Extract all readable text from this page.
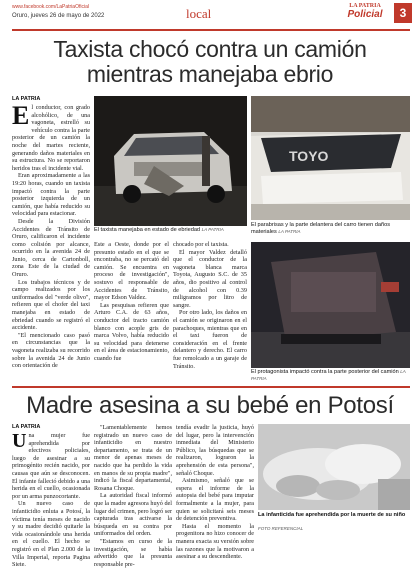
www.facebook.com/LaPatriaOficial
Oruro, jueves 26 de mayo de 2022	local	LA PATRIA
Policial	3
Taxista chocó contra un camión
mientras manejaba ebrio
LA PATRIA
E l conductor, con grado alcohólico, de una vagoneta, estrelló su vehículo contra la parte posterior de un camión la noche del martes reciente, generando daños materiales en su estructura. No se reportaron heridos tras el incidente vial.

Eran aproximadamente a las 19:20 horas, cuando un taxista impactó contra la parte posterior izquierda de un camión, que había reducido su velocidad para estacionar.

Desde la División Accidentes de Tránsito de Oruro, calificaron el incidente como colisión por alcance, ocurrido en la avenida 24 de Junio, cerca de Cartonboll, zona Este de la ciudad de Oruro.

Los trabajos técnicos y de campo realizados por los uniformados del "verde olivo", refieren que el chofer del taxi manejaba en estado de ebriedad cuando se registró el accidente.

"El mencionado caso pasó en circunstancias que la vagoneta realizaba su recorrido sobre la avenida 24 de Junio con orientación de

El taxista manejaba en estado de ebriedad LA PATRIA
TOYO
El parabrisas y la parte delantera del carro tienen daños materiales LA PATRIA
El protagonista impactó contra la parte posterior del camión LA PATRIA

Este a Oeste, donde por el presunto estado en el que se encontraba, no se percató del camión. Se encuentra en proceso de investigación", sostuvo el responsable de Accidentes de Tránsito, mayor Edson Valdez.

Las pesquisas refieren que Arturo C.A. de 63 años, conductor del tracto camión blanco con acople gris de marca Volvo, había reducido su velocidad para detenerse en el área de estacionamiento, cuando fue

chocado por el taxista.

El mayor Valdez detalló que el conductor de la vagoneta blanca marca Toyota, Augusto S.C. de 35 años, dio positivo al control de alcohol con 0.39 miligramos por litro de sangre.

Por otro lado, los daños en el camión se originaron en el parachoques, mientras que en el taxi fueron de consideración en el frente delantero y derecho. El carro fue remolcado a un garaje de Tránsito.

Madre asesina a su bebé en Potosí
LA PATRIA
U na mujer fue aprehendida por efectivos policiales, luego de asesinar a su primogénito recién nacido, por causas que aún se desconocen. El infante falleció debido a una herida en el cuello, ocasionada por un arma punzocortante.

Un nuevo caso de infanticidio enluta a Potosí, la víctima tenía meses de nacido y su madre decidió quitarle la vida ocasionándole una herida en el cuello. El hecho se registró en el Plan 2.000 de la Villa Imperial, reporta Pagina Siete.

"Lamentablemente hemos registrado un nuevo caso de infanticidio en nuestro departamento, se trata de un menor de apenas meses de nacido que ha perdido la vida en manos de su propia madre", indicó la fiscal departamental, Rosana Choque.

La autoridad fiscal informó que la madre agresora huyó del lugar del crimen, pero logró ser capturada tras activarse la búsqueda en su contra por uniformados del orden.

"Estamos en curso de la investigación, se había advertido que la presunta responsable pre-

tendía evadir la justicia, huyó del lugar, pero la intervención inmediata del Ministerio Público, las búsquedas que se realizaron, lograron la aprehensión de esta persona", señaló Choque.

Asimismo, señaló que se espera el informe de la autopsia del bebé para imputar formalmente a la mujer, para quien se solicitará seis meses de detención preventiva.

Hasta el momento la progenitora no hizo conocer de manera exacta su versión sobre las razones que la motivaron a asesinar a su descendiente.

La infanticida fue aprehendida por la muerte de su niño
FOTO REFERENCIAL
